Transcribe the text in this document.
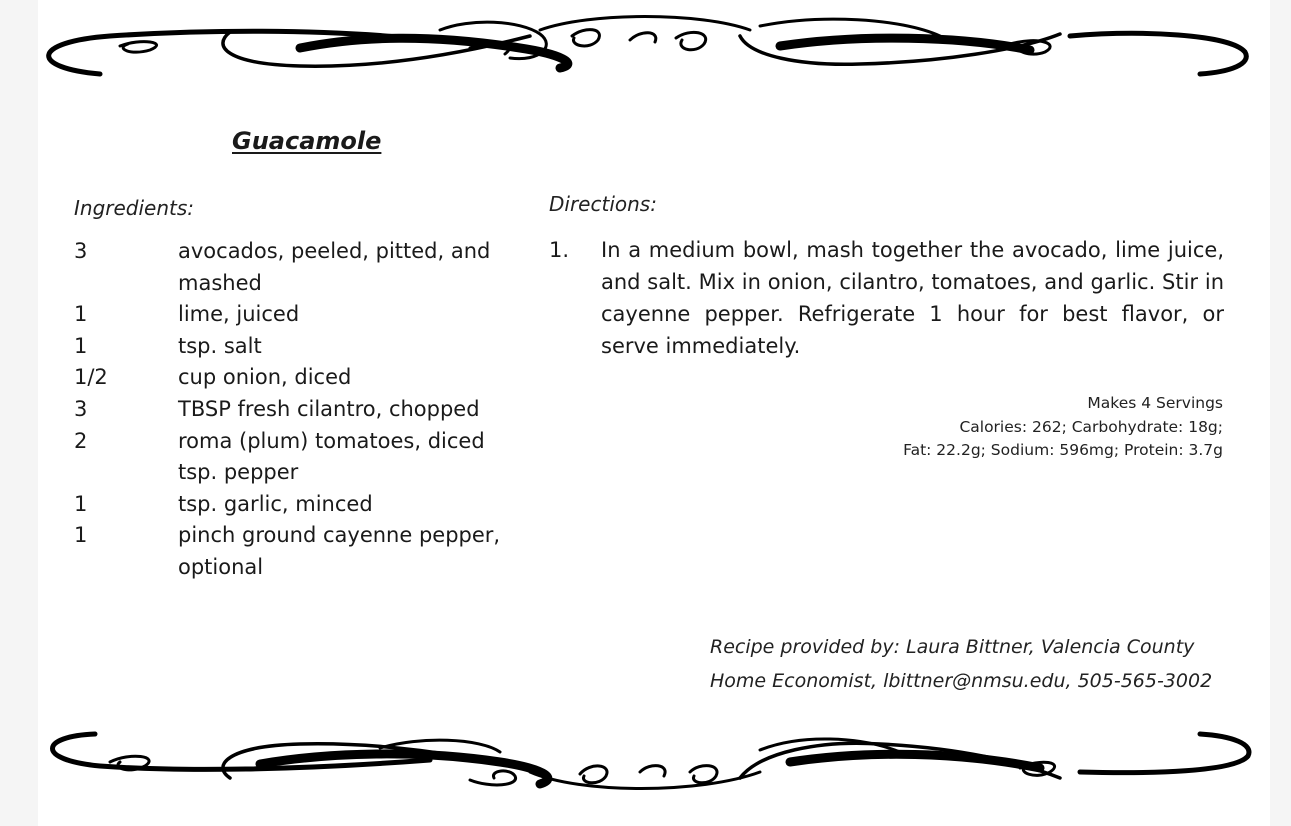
Guacamole
Ingredients:	Directions:
3	avocados, peeled, pitted, and mashed
1	lime, juiced
1	tsp. salt
1/2	cup onion, diced
3	TBSP fresh cilantro, chopped
2	roma (plum) tomatoes, diced
tsp. pepper
1	tsp. garlic, minced
1	pinch ground cayenne pepper, optional
1.	In a medium bowl, mash together the avocado, lime juice, and salt. Mix in onion, cilantro, tomatoes, and garlic. Stir in cayenne pepper. Refrigerate 1 hour for best flavor, or serve immediately.
Makes 4 Servings
Calories: 262; Carbohydrate: 18g;
Fat: 22.2g; Sodium: 596mg; Protein: 3.7g
Recipe provided by: Laura Bittner, Valencia County
Home Economist, lbittner@nmsu.edu, 505-565-3002
